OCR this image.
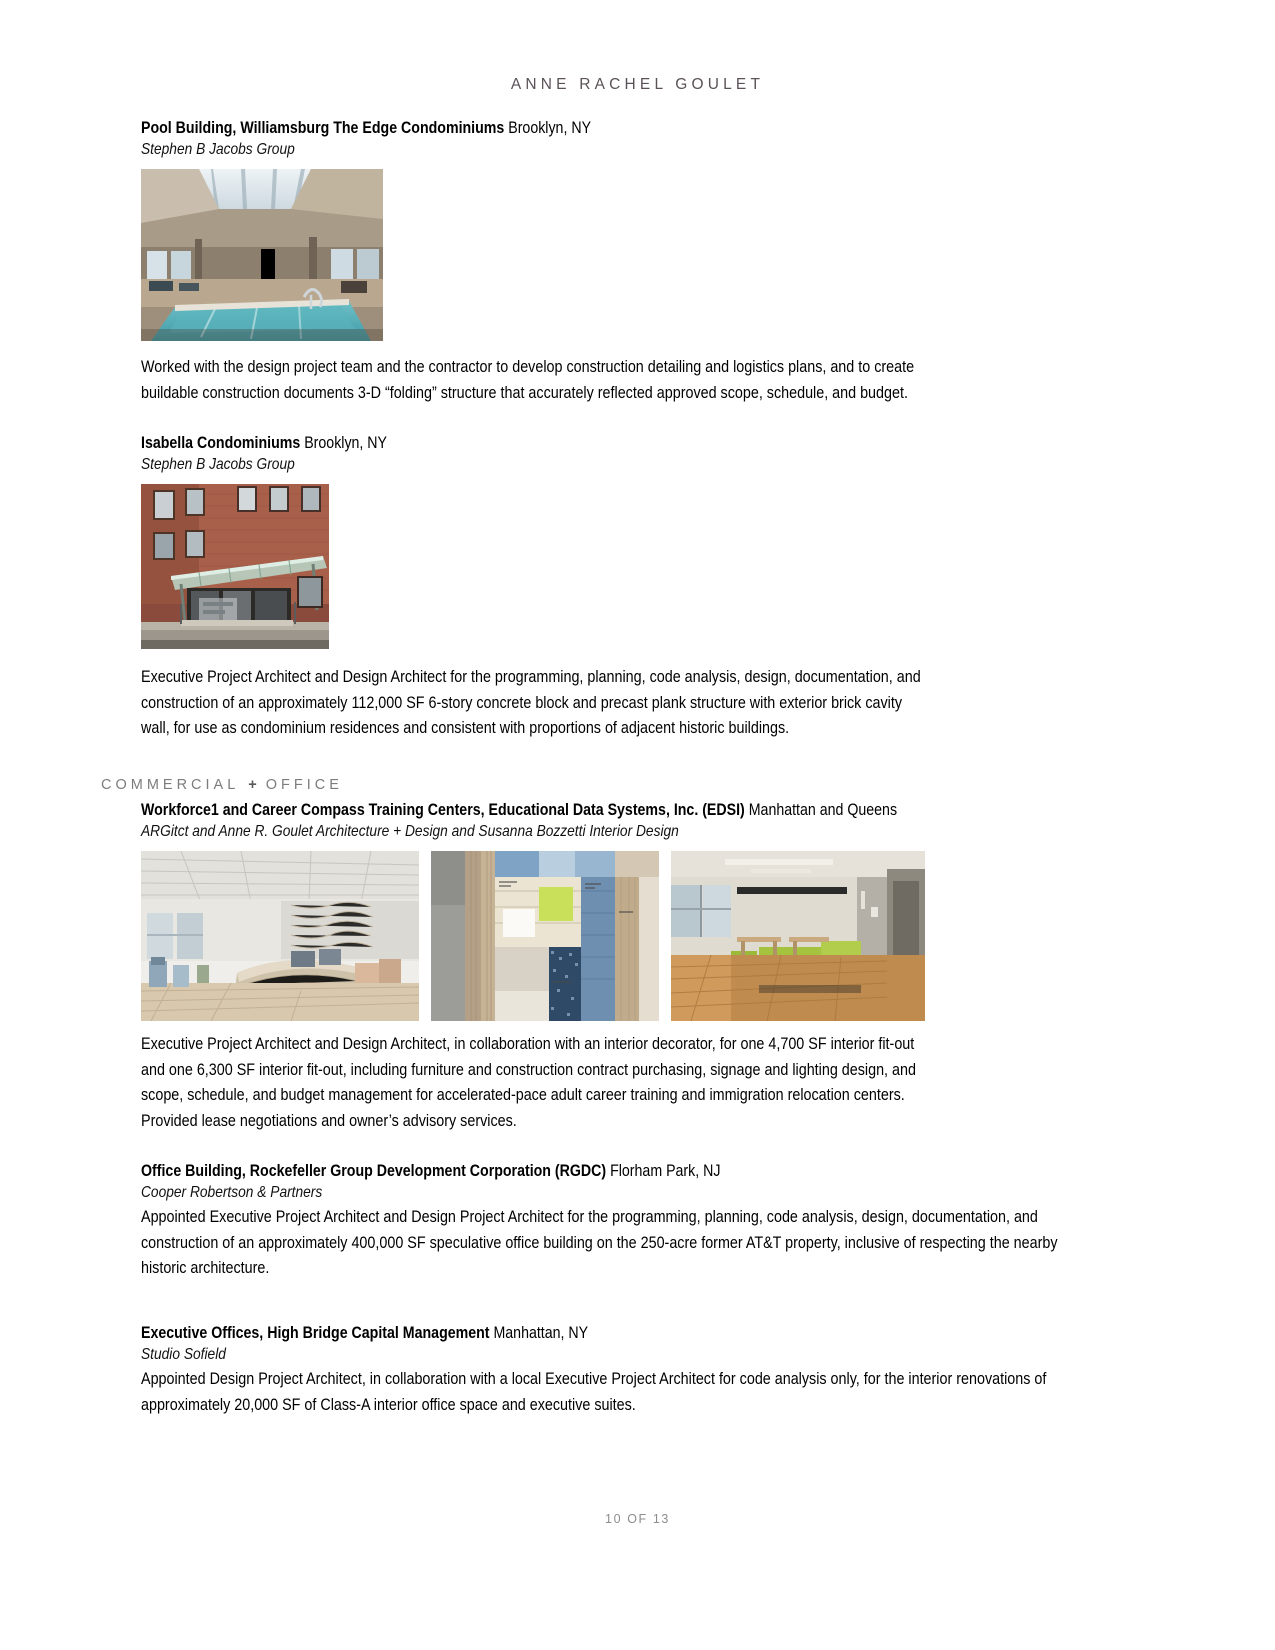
ANNE RACHEL GOULET
Pool Building, Williamsburg The Edge Condominiums Brooklyn, NY
Stephen B Jacobs Group
Worked with the design project team and the contractor to develop construction detailing and logistics plans, and to create buildable construction documents 3-D “folding” structure that accurately reflected approved scope, schedule, and budget.
Isabella Condominiums Brooklyn, NY
Stephen B Jacobs Group
Executive Project Architect and Design Architect for the programming, planning, code analysis, design, documentation, and construction of an approximately 112,000 SF 6-story concrete block and precast plank structure with exterior brick cavity wall, for use as condominium residences and consistent with proportions of adjacent historic buildings.
COMMERCIAL + OFFICE
Workforce1 and Career Compass Training Centers, Educational Data Systems, Inc. (EDSI) Manhattan and Queens
ARGitct and Anne R. Goulet Architecture + Design and Susanna Bozzetti Interior Design
Executive Project Architect and Design Architect, in collaboration with an interior decorator, for one 4,700 SF interior fit-out and one 6,300 SF interior fit-out, including furniture and construction contract purchasing, signage and lighting design, and scope, schedule, and budget management for accelerated-pace adult career training and immigration relocation centers. Provided lease negotiations and owner’s advisory services.
Office Building, Rockefeller Group Development Corporation (RGDC) Florham Park, NJ
Cooper Robertson & Partners
Appointed Executive Project Architect and Design Project Architect for the programming, planning, code analysis, design, documentation, and construction of an approximately 400,000 SF speculative office building on the 250-acre former AT&T property, inclusive of respecting the nearby historic architecture.
Executive Offices, High Bridge Capital Management Manhattan, NY
Studio Sofield
Appointed Design Project Architect, in collaboration with a local Executive Project Architect for code analysis only, for the interior renovations of approximately 20,000 SF of Class-A interior office space and executive suites.
10 OF 13
